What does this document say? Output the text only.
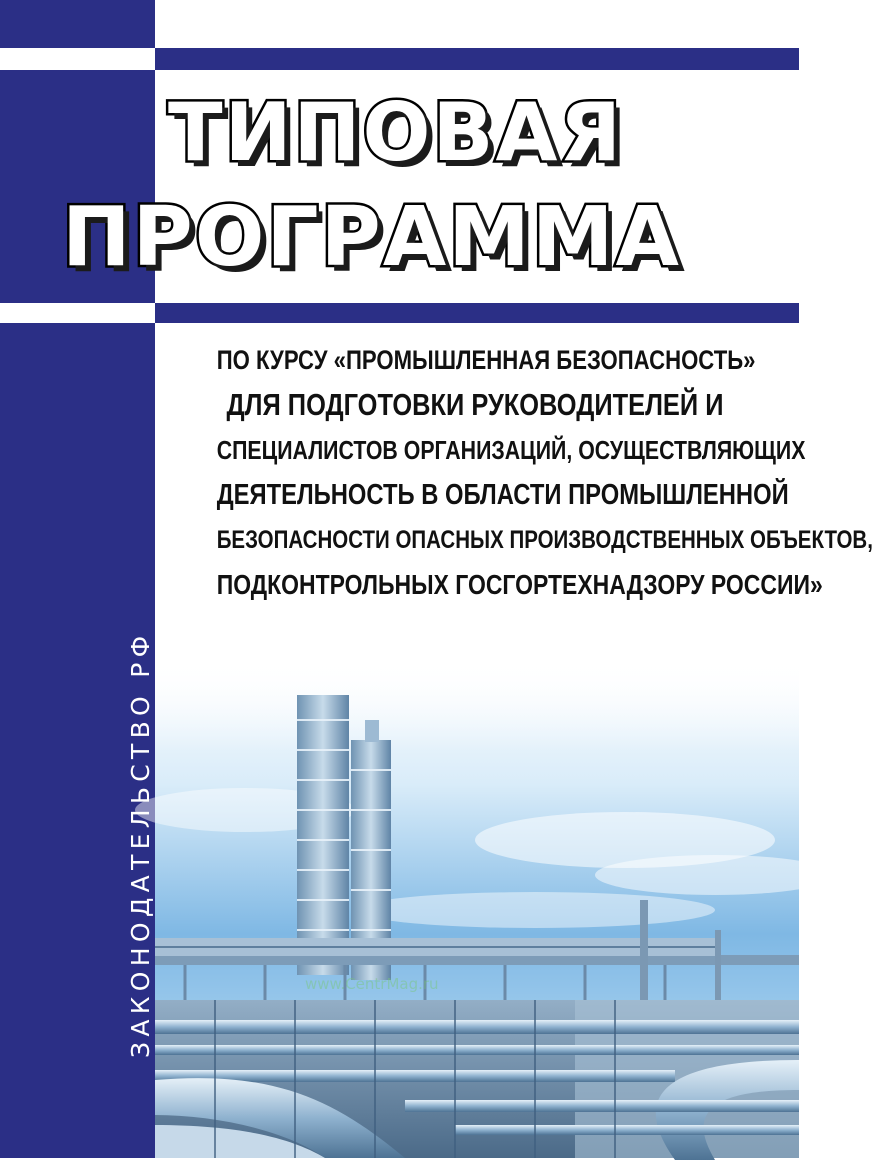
ЗАКОНОДАТЕЛЬСТВО РФ
ТИПОВАЯ
ПРОГРАММА
ПО КУРСУ «ПРОМЫШЛЕННАЯ БЕЗОПАСНОСТЬ»
ДЛЯ ПОДГОТОВКИ РУКОВОДИТЕЛЕЙ И
СПЕЦИАЛИСТОВ ОРГАНИЗАЦИЙ, ОСУЩЕСТВЛЯЮЩИХ
ДЕЯТЕЛЬНОСТЬ В ОБЛАСТИ ПРОМЫШЛЕННОЙ
БЕЗОПАСНОСТИ ОПАСНЫХ ПРОИЗВОДСТВЕННЫХ ОБЪЕКТОВ,
ПОДКОНТРОЛЬНЫХ ГОСГОРТЕХНАДЗОРУ РОССИИ»
www.CentrMag.ru
